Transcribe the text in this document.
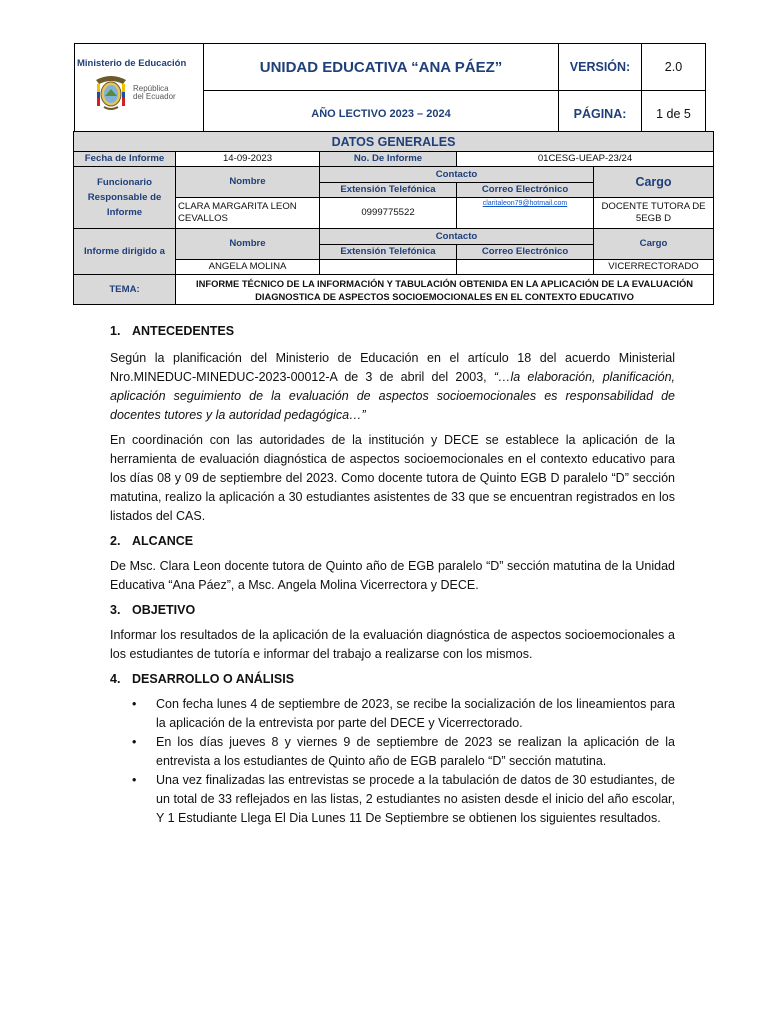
Ministerio de Educación
República
del Ecuador	UNIDAD EDUCATIVA “ANA PÁEZ”	VERSIÓN:	2.0
	AÑO LECTIVO 2023 – 2024	PÁGINA:	1 de 5
DATOS GENERALES				
Fecha de Informe	14-09-2023	No. De Informe	01CESG-UEAP-23/24	
Funcionario Responsable de Informe	Nombre	Contacto		Cargo
		Extensión Telefónica	Correo Electrónico	
	CLARA MARGARITA LEON CEVALLOS	0999775522	claritaleon79@hotmail.com	DOCENTE TUTORA DE 5EGB D
Informe dirigido a	Nombre	Contacto		Cargo
		Extensión Telefónica	Correo Electrónico	
	ANGELA MOLINA			VICERRECTORADO
TEMA:	INFORME TÉCNICO DE LA INFORMACIÓN Y TABULACIÓN OBTENIDA EN LA APLICACIÓN DE LA EVALUACIÓN DIAGNOSTICA DE ASPECTOS SOCIOEMOCIONALES EN EL CONTEXTO EDUCATIVO			

1. ANTECEDENTES

Según la planificación del Ministerio de Educación en el artículo 18 del acuerdo Ministerial Nro.MINEDUC-MINEDUC-2023-00012-A de 3 de abril del 2003, “…la elaboración, planificación, aplicación seguimiento de la evaluación de aspectos socioemocionales es responsabilidad de docentes tutores y la autoridad pedagógica…”

En coordinación con las autoridades de la institución y DECE se establece la aplicación de la herramienta de evaluación diagnóstica de aspectos socioemocionales en el contexto educativo para los días 08 y 09 de septiembre del 2023. Como docente tutora de Quinto EGB D paralelo “D” sección matutina, realizo la aplicación a 30 estudiantes asistentes de 33 que se encuentran registrados en los listados del CAS.

2. ALCANCE

De Msc. Clara Leon docente tutora de Quinto año de EGB paralelo “D” sección matutina de la Unidad Educativa “Ana Páez”, a Msc. Angela Molina Vicerrectora y DECE.

3. OBJETIVO

Informar los resultados de la aplicación de la evaluación diagnóstica de aspectos socioemocionales a los estudiantes de tutoría e informar del trabajo a realizarse con los mismos.

4. DESARROLLO O ANÁLISIS

• Con fecha lunes 4 de septiembre de 2023, se recibe la socialización de los lineamientos para la aplicación de la entrevista por parte del DECE y Vicerrectorado.
• En los días jueves 8 y viernes 9 de septiembre de 2023 se realizan la aplicación de la entrevista a los estudiantes de Quinto año de EGB paralelo “D” sección matutina.
• Una vez finalizadas las entrevistas se procede a la tabulación de datos de 30 estudiantes, de un total de 33 reflejados en las listas, 2 estudiantes no asisten desde el inicio del año escolar, Y 1 Estudiante Llega El Dia Lunes 11 De Septiembre se obtienen los siguientes resultados.
